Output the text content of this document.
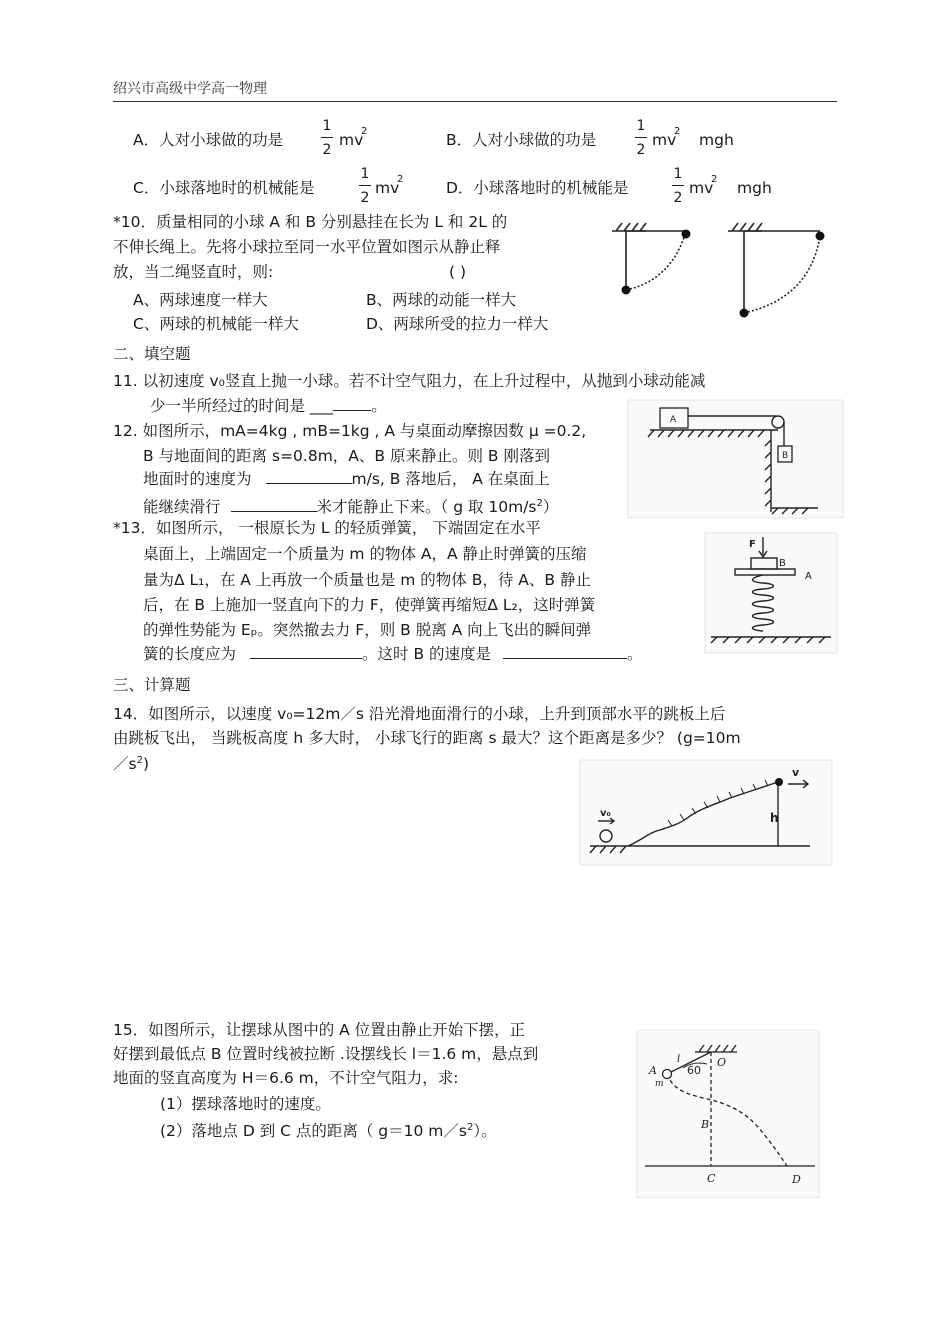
绍兴市高级中学高一物理
A．人对小球做的功是
1
2
mv
2	B．人对小球做的功是
1
2
mv
2 mgh
C．小球落地时的机械能是
1
2
mv
2	D．小球落地时的机械能是
1
2
mv
2 mgh
*10．质量相同的小球 A 和 B 分别悬挂在长为 L 和 2L 的
不伸长绳上。先将小球拉至同一水平位置如图示从静止释
放，当二绳竖直时，则:	( )
A、两球速度一样大	B、两球的动能一样大
C、两球的机械能一样大	D、两球所受的拉力一样大
二、填空题
11. 以初速度 v₀竖直上抛一小球。若不计空气阻力，在上升过程中，从抛到小球动能减
少一半所经过的时间是 ___ 。
12. 如图所示，mA=4kg , mB=1kg , A 与桌面动摩擦因数 μ =0.2,
B 与地面间的距离 s=0.8m，A、B 原来静止。则 B 刚落到
地面时的速度为	m/s, B 落地后， A 在桌面上
能继续滑行	米才能静止下来。（ g 取 $10m/s^2$）
A
B
*13．如图所示， 一根原长为 L 的轻质弹簧， 下端固定在水平
桌面上，上端固定一个质量为 m 的物体 A，A 静止时弹簧的压缩
量为Δ L₁，在 A 上再放一个质量也是 m 的物体 B，待 A、B 静止
后，在 B 上施加一竖直向下的力 F，使弹簧再缩短Δ L₂，这时弹簧
的弹性势能为 Eₚ。突然撤去力 F，则 B 脱离 A 向上飞出的瞬间弹
簧的长度应为	。这时 B 的速度是	。
F
B
A
三、计算题
14．如图所示，以速度 v₀=12m／s 沿光滑地面滑行的小球，上升到顶部水平的跳板上后
由跳板飞出， 当跳板高度 h 多大时， 小球飞行的距离 s 最大？这个距离是多少？ (g=10m
$/s^2$)	v
v₀	h
15．如图所示，让摆球从图中的 A 位置由静止开始下摆，正
好摆到最低点 B 位置时线被拉断 .设摆线长 l＝1.6 m，悬点到
地面的竖直高度为 H＝6.6 m，不计空气阻力，求:
(1）摆球落地时的速度。
(2）落地点 D 到 C 点的距离（ g＝10 $m/s^2$）。
A
m
l
60
O
B
C	D
